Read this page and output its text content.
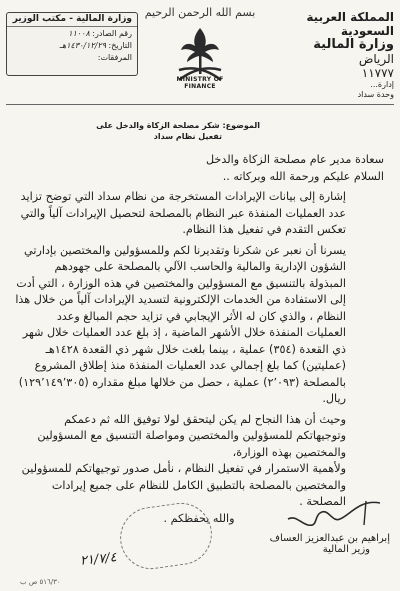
بسم الله الرحمن الرحيم	المملكة العربية السعودية
وزارة المالية
الرياض
١١٧٧٧
إدارة...
وحدة سداد
MINISTRY OF FINANCE
وزارة المالية - مكتب الوزير
رقم الصادر: ١١٠٠٨
التاريخ: ١٤٣٠/١٢/٢٩هـ
المرفقات:
الموضوع: شكر مصلحة الزكاة والدخل على
تفعيل نظام سداد

سعادة مدير عام مصلحة الزكاة والدخل

السلام عليكم ورحمة الله وبركاته ..

إشارة إلى بيانات الإيرادات المستخرجة من نظام سداد التي توضح تزايد عدد العمليات المنفذة عبر النظام بالمصلحة لتحصيل الإيرادات آلياً والتي تعكس التقدم في تفعيل هذا النظام.

يسرنا أن نعبر عن شكرنا وتقديرنا لكم وللمسؤولين والمختصين بإدارتي الشؤون الإدارية والمالية والحاسب الآلي بالمصلحة على جهودهم المبذولة بالتنسيق مع المسؤولين والمختصين في هذه الوزارة ، التي أدت إلى الاستفادة من الخدمات الإلكترونية لتسديد الإيرادات آلياً من خلال هذا النظام ، والذي كان له الأثر الإيجابي في تزايد حجم المبالغ وعدد العمليات المنفذة خلال الأشهر الماضية ، إذ بلغ عدد العمليات خلال شهر ذي القعدة (٣٥٤) عملية ، بينما بلغت خلال شهر ذي القعدة ١٤٢٨هـ (عمليتين) كما بلغ إجمالي عدد العمليات المنفذة منذ إطلاق المشروع بالمصلحة (٢٬٠٩٣) عملية ، حصل من خلالها مبلغ مقداره (١٢٩٬١٤٩٬٣٠٥) ريال.

وحيث أن هذا النجاح لم يكن ليتحقق لولا توفيق الله ثم دعمكم وتوجيهاتكم للمسؤولين والمختصين ومواصلة التنسيق مع المسؤولين والمختصين بهذه الوزارة،

ولأهمية الاستمرار في تفعيل النظام ، نأمل صدور توجيهاتكم للمسؤولين والمختصين بالمصلحة بالتطبيق الكامل للنظام على جميع إيرادات المصلحة .

والله يحفظكم .

إبراهيم بن عبدالعزيز العساف
وزير المالية
٢١/٧/٤
٥١٦/٣٠ ص ب
